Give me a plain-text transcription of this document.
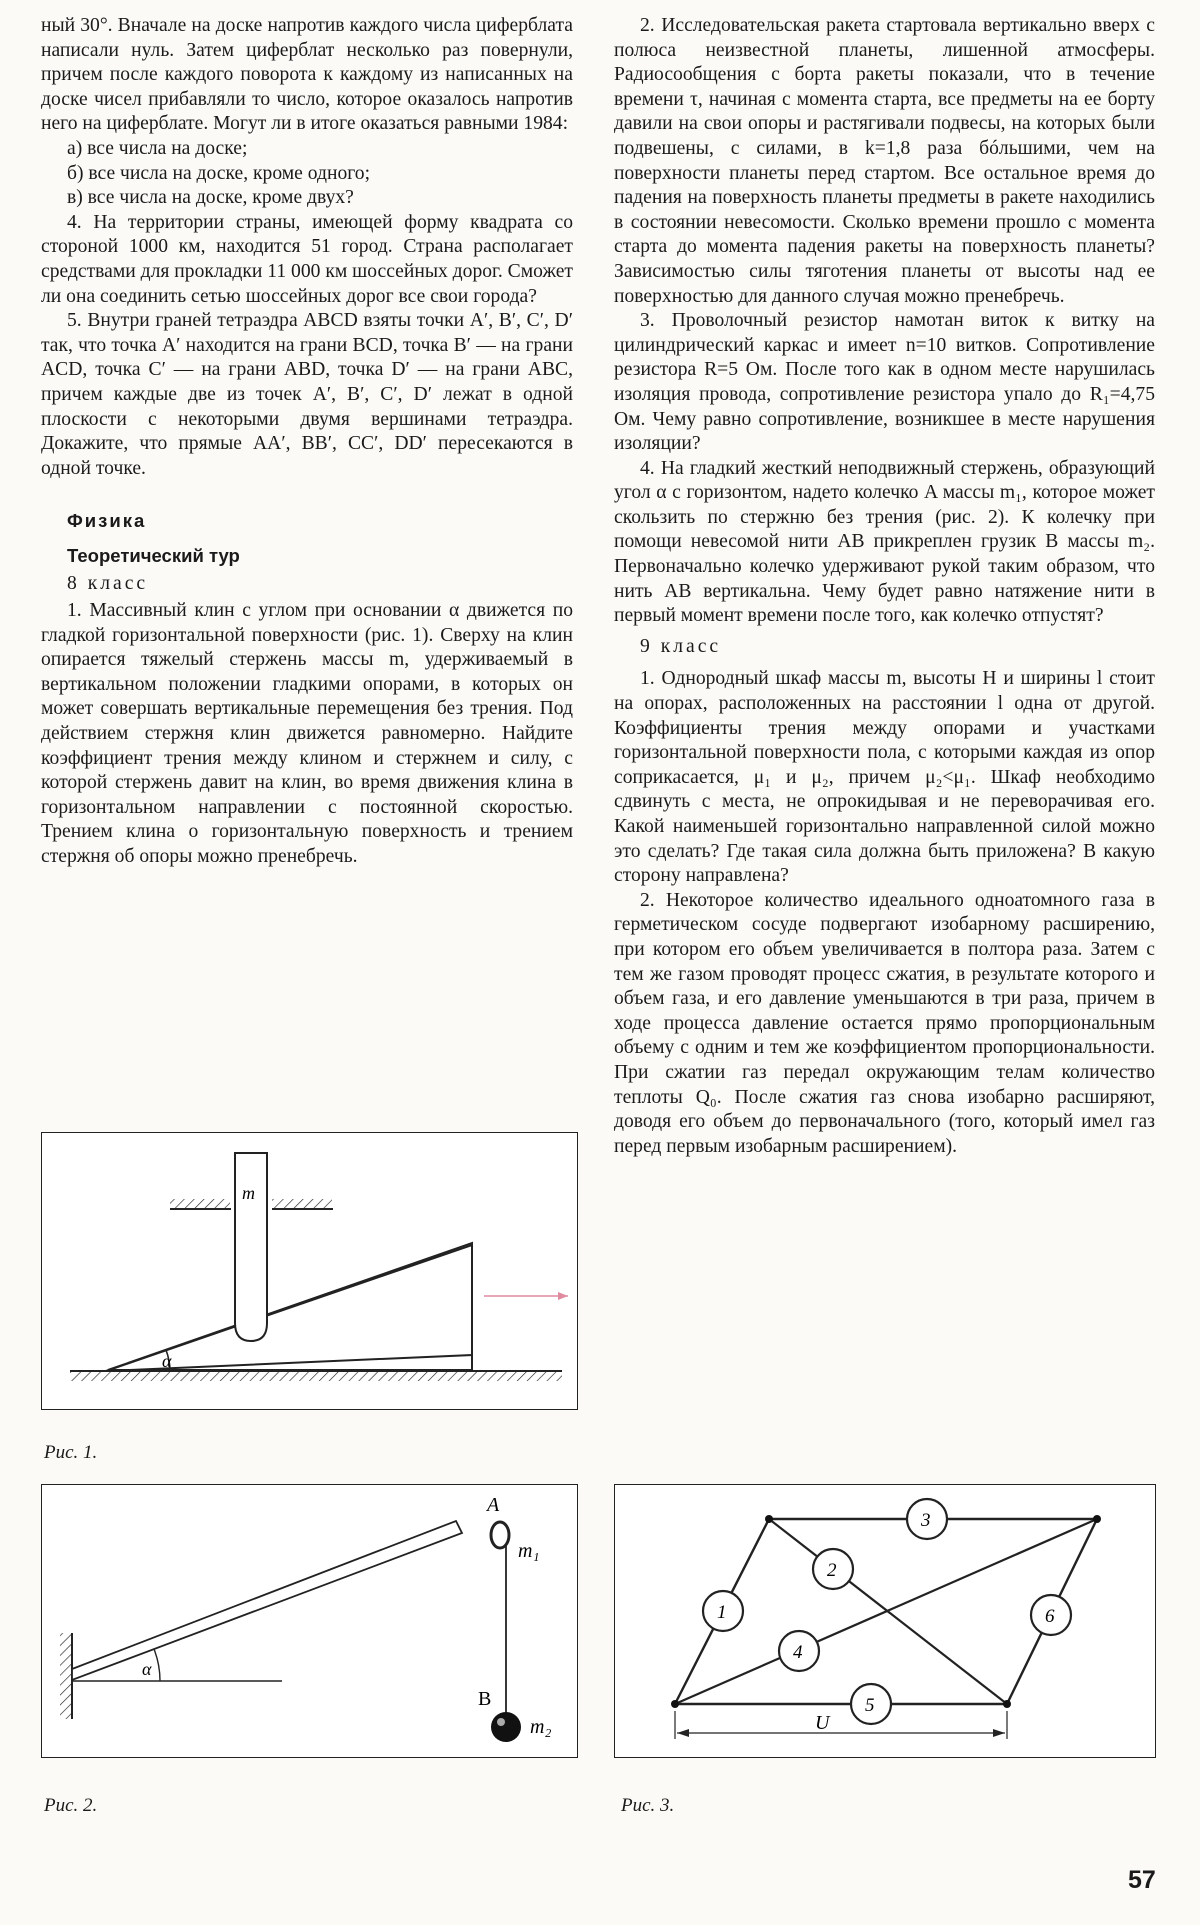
ный 30°. Вначале на доске напротив каждого числа циферблата написали нуль. Затем циферблат несколько раз повернули, причем после каждого поворота к каждому из написанных на доске чисел прибавляли то число, которое оказалось напротив него на циферблате. Могут ли в итоге оказаться равными 1984:

а) все числа на доске;

б) все числа на доске, кроме одного;

в) все числа на доске, кроме двух?

4. На территории страны, имеющей форму квадрата со стороной 1000 км, находится 51 город. Страна располагает средствами для прокладки 11 000 км шоссейных дорог. Сможет ли она соединить сетью шоссейных дорог все свои города?

5. Внутри граней тетраэдра ABCD взяты точки A′, B′, C′, D′ так, что точка A′ находится на грани BCD, точка B′ — на грани ACD, точка C′ — на грани ABD, точка D′ — на грани ABC, причем каждые две из точек A′, B′, C′, D′ лежат в одной плоскости с некоторыми двумя вершинами тетраэдра. Докажите, что прямые AA′, BB′, CC′, DD′ пересекаются в одной точке.

Физика

Теоретический тур

8 класс

1. Массивный клин с углом при основании α движется по гладкой горизонтальной поверхности (рис. 1). Сверху на клин опирается тяжелый стержень массы m, удерживаемый в вертикальном положении гладкими опорами, в которых он может совершать вертикальные перемещения без трения. Под действием стержня клин движется равномерно. Найдите коэффициент трения между клином и стержнем и силу, с которой стержень давит на клин, во время движения клина в горизонтальном направлении с постоянной скоростью. Трением клина о горизонтальную поверхность и трением стержня об опоры можно пренебречь.

2. Исследовательская ракета стартовала вертикально вверх с полюса неизвестной планеты, лишенной атмосферы. Радиосообщения с борта ракеты показали, что в течение времени τ, начиная с момента старта, все предметы на ее борту давили на свои опоры и растягивали подвесы, на которых были подвешены, с силами, в k=1,8 раза бóльшими, чем на поверхности планеты перед стартом. Все остальное время до падения на поверхность планеты предметы в ракете находились в состоянии невесомости. Сколько времени прошло с момента старта до момента падения ракеты на поверхность планеты? Зависимостью силы тяготения планеты от высоты над ее поверхностью для данного случая можно пренебречь.

3. Проволочный резистор намотан виток к витку на цилиндрический каркас и имеет n=10 витков. Сопротивление резистора R=5 Ом. После того как в одном месте нарушилась изоляция провода, сопротивление резистора упало до R₁=4,75 Ом. Чему равно сопротивление, возникшее в месте нарушения изоляции?

4. На гладкий жесткий неподвижный стержень, образующий угол α с горизонтом, надето колечко A массы m₁, которое может скользить по стержню без трения (рис. 2). К колечку при помощи невесомой нити AB прикреплен грузик B массы m₂. Первоначально колечко удерживают рукой таким образом, что нить AB вертикальна. Чему будет равно натяжение нити в первый момент времени после того, как колечко отпустят?

9 класс

1. Однородный шкаф массы m, высоты H и ширины l стоит на опорах, расположенных на расстоянии l одна от другой. Коэффициенты трения между опорами и участками горизонтальной поверхности пола, с которыми каждая из опор соприкасается, μ₁ и μ₂, причем μ₂<μ₁. Шкаф необходимо сдвинуть с места, не опрокидывая и не переворачивая его. Какой наименьшей горизонтально направленной силой можно это сделать? Где такая сила должна быть приложена? В какую сторону направлена?

2. Некоторое количество идеального одноатомного газа в герметическом сосуде подвергают изобарному расширению, при котором его объем увеличивается в полтора раза. Затем с тем же газом проводят процесс сжатия, в результате которого и объем газа, и его давление уменьшаются в три раза, причем в ходе процесса давление остается прямо пропорциональным объему с одним и тем же коэффициентом пропорциональности. При сжатии газ передал окружающим телам количество теплоты Q₀. После сжатия газ снова изобарно расширяют, доводя его объем до первоначального (того, который имел газ перед первым изобарным расширением).

α
m
Рис. 1.
α
A
m₁
B
m₂
Рис. 2.
1
2
3
4
5
6
U
Рис. 3.
57
